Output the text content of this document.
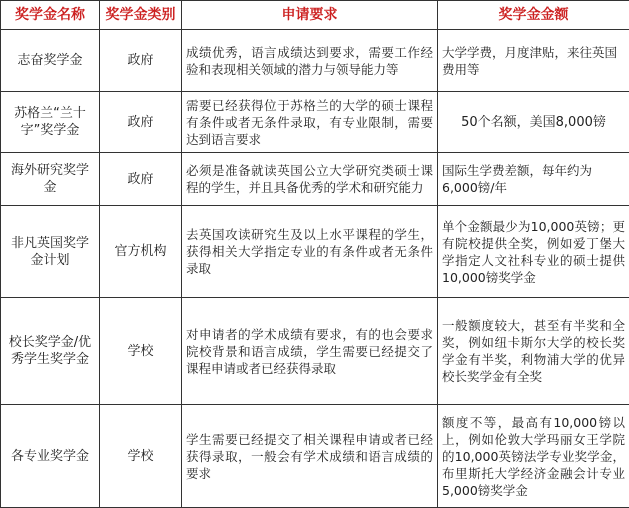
奖学金名称	奖学金类别	申请要求	奖学金金额
志奋奖学金	政府	成绩优秀，语言成绩达到要求，需要工作经验和表现相关领域的潜力与领导能力等	大学学费，月度津贴，来往英国费用等
苏格兰“兰十字”奖学金	政府	需要已经获得位于苏格兰的大学的硕士课程有条件或者无条件录取，有专业限制，需要达到语言要求	50个名额，美国8,000镑
海外研究奖学金	政府	必须是准备就读英国公立大学研究类硕士课程的学生，并且具备优秀的学术和研究能力	国际生学费差额，每年约为6,000镑/年
非凡英国奖学金计划	官方机构	去英国攻读研究生及以上水平课程的学生，获得相关大学指定专业的有条件或者无条件录取	单个金额最少为10,000英镑；更有院校提供全奖，例如爱丁堡大学指定人文社科专业的硕士提供10,000镑奖学金
校长奖学金/优秀学生奖学金	学校	对申请者的学术成绩有要求，有的也会要求院校背景和语言成绩，学生需要已经提交了课程申请或者已经获得录取	一般额度较大，甚至有半奖和全奖，例如纽卡斯尔大学的校长奖学金有半奖，利物浦大学的优异校长奖学金有全奖
各专业奖学金	学校	学生需要已经提交了相关课程申请或者已经获得录取，一般会有学术成绩和语言成绩的要求	额度不等，最高有10,000镑以上，例如伦敦大学玛丽女王学院的10,000英镑法学专业奖学金，布里斯托大学经济金融会计专业5,000镑奖学金
